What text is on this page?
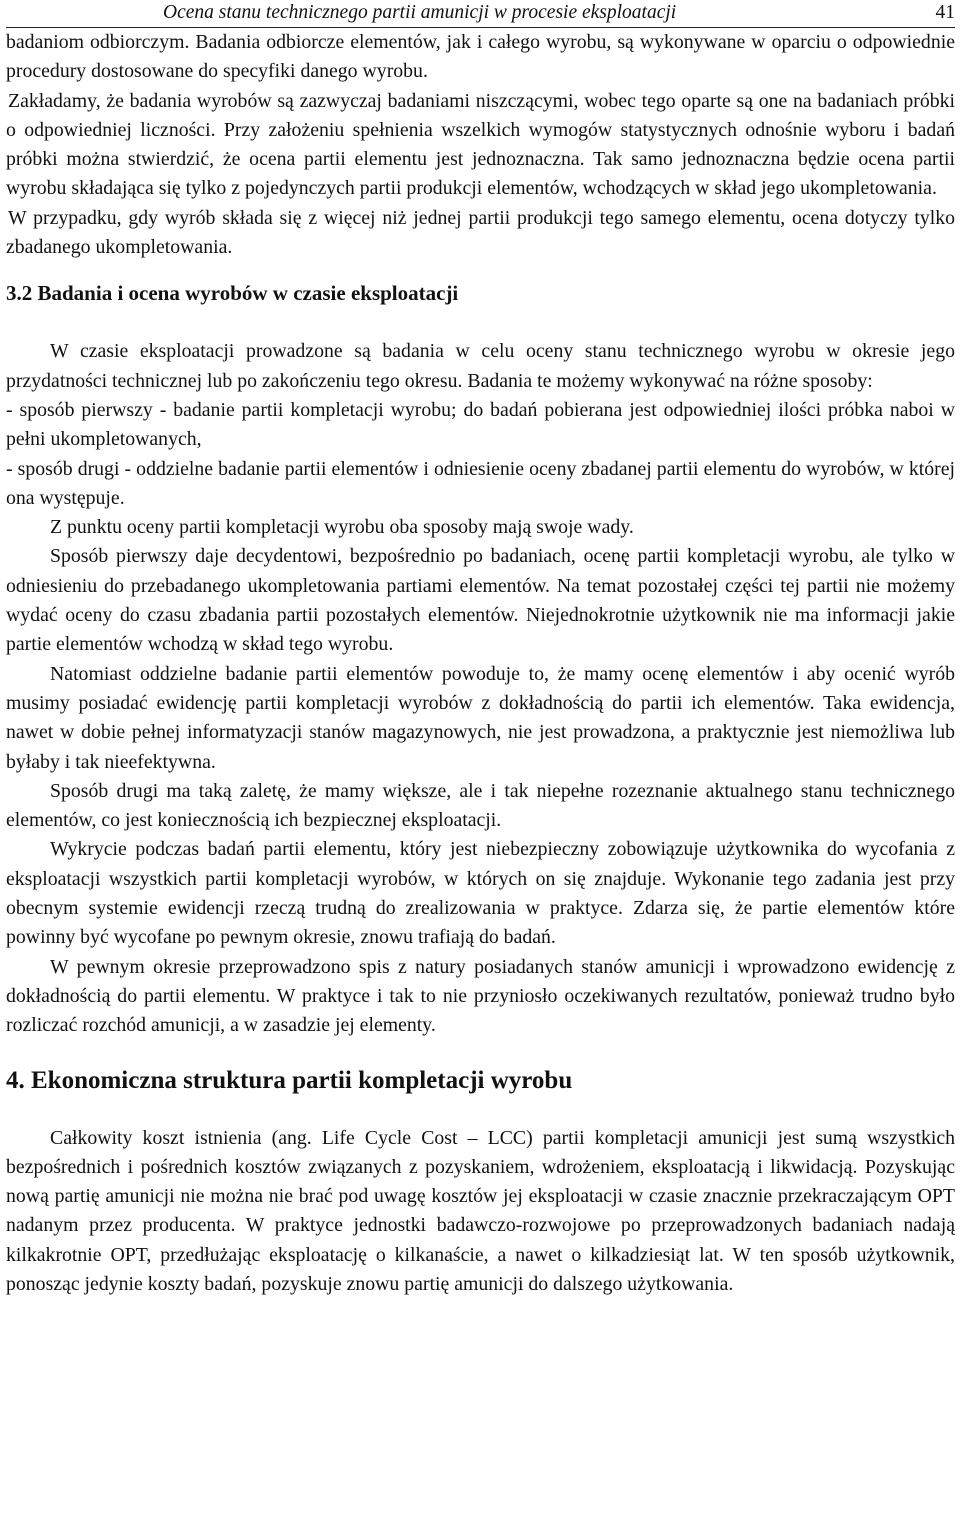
Ocena stanu technicznego partii amunicji w procesie eksploatacji	41

badaniom odbiorczym. Badania odbiorcze elementów, jak i całego wyrobu, są wykonywane w oparciu o odpowiednie procedury dostosowane do specyfiki danego wyrobu.

Zakładamy, że badania wyrobów są zazwyczaj badaniami niszczącymi, wobec tego oparte są one na badaniach próbki o odpowiedniej liczności. Przy założeniu spełnienia wszelkich wymogów statystycznych odnośnie wyboru i badań próbki można stwierdzić, że ocena partii elementu jest jednoznaczna. Tak samo jednoznaczna będzie ocena partii wyrobu składająca się tylko z pojedynczych partii produkcji elementów, wchodzących w skład jego ukompletowania.

W przypadku, gdy wyrób składa się z więcej niż jednej partii produkcji tego samego elementu, ocena dotyczy tylko zbadanego ukompletowania.

3.2 Badania i ocena wyrobów w czasie eksploatacji

W czasie eksploatacji prowadzone są badania w celu oceny stanu technicznego wyrobu w okresie jego przydatności technicznej lub po zakończeniu tego okresu. Badania te możemy wykonywać na różne sposoby:

- sposób pierwszy - badanie partii kompletacji wyrobu; do badań pobierana jest odpowiedniej ilości próbka naboi w pełni ukompletowanych,

- sposób drugi - oddzielne badanie partii elementów i odniesienie oceny zbadanej partii elementu do wyrobów, w której ona występuje.

Z punktu oceny partii kompletacji wyrobu oba sposoby mają swoje wady.

Sposób pierwszy daje decydentowi, bezpośrednio po badaniach, ocenę partii kompletacji wyrobu, ale tylko w odniesieniu do przebadanego ukompletowania partiami elementów. Na temat pozostałej części tej partii nie możemy wydać oceny do czasu zbadania partii pozostałych elementów. Niejednokrotnie użytkownik nie ma informacji jakie partie elementów wchodzą w skład tego wyrobu.

Natomiast oddzielne badanie partii elementów powoduje to, że mamy ocenę elementów i aby ocenić wyrób musimy posiadać ewidencję partii kompletacji wyrobów z dokładnością do partii ich elementów. Taka ewidencja, nawet w dobie pełnej informatyzacji stanów magazynowych, nie jest prowadzona, a praktycznie jest niemożliwa lub byłaby i tak nieefektywna.

Sposób drugi ma taką zaletę, że mamy większe, ale i tak niepełne rozeznanie aktualnego stanu technicznego elementów, co jest koniecznością ich bezpiecznej eksploatacji.

Wykrycie podczas badań partii elementu, który jest niebezpieczny zobowiązuje użytkownika do wycofania z eksploatacji wszystkich partii kompletacji wyrobów, w których on się znajduje. Wykonanie tego zadania jest przy obecnym systemie ewidencji rzeczą trudną do zrealizowania w praktyce. Zdarza się, że partie elementów które powinny być wycofane po pewnym okresie, znowu trafiają do badań.

W pewnym okresie przeprowadzono spis z natury posiadanych stanów amunicji i wprowadzono ewidencję z dokładnością do partii elementu. W praktyce i tak to nie przyniosło oczekiwanych rezultatów, ponieważ trudno było rozliczać rozchód amunicji, a w zasadzie jej elementy.

4. Ekonomiczna struktura partii kompletacji wyrobu

Całkowity koszt istnienia (ang. Life Cycle Cost – LCC) partii kompletacji amunicji jest sumą wszystkich bezpośrednich i pośrednich kosztów związanych z pozyskaniem, wdrożeniem, eksploatacją i likwidacją. Pozyskując nową partię amunicji nie można nie brać pod uwagę kosztów jej eksploatacji w czasie znacznie przekraczającym OPT nadanym przez producenta. W praktyce jednostki badawczo-rozwojowe po przeprowadzonych badaniach nadają kilkakrotnie OPT, przedłużając eksploatację o kilkanaście, a nawet o kilkadziesiąt lat. W ten sposób użytkownik, ponosząc jedynie koszty badań, pozyskuje znowu partię amunicji do dalszego użytkowania.
